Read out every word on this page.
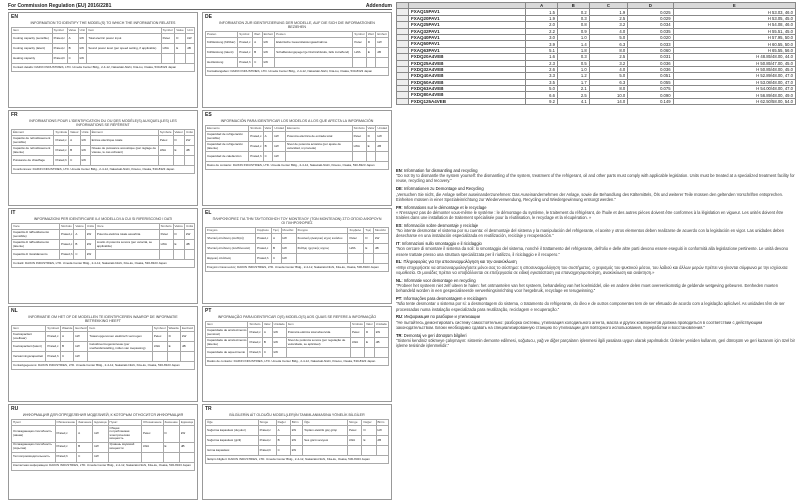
For Commission Regulation (EU) 2016/2281	Addendum
EN
INFORMATION TO IDENTIFY THE MODEL(S) TO WHICH THE INFORMATION RELATES
Item	Symbol	Value	Unit	Item	Symbol	Value	Unit
Cooling capacity (sensible)	Prated,c	A	kW	Total electric power input	Pelec	D	kW
Cooling capacity (latent)	Prated,c	B	kW	Sound power level (per speed setting, if applicable)	LWA	E	dB
Heating capacity	Prated,h	C	kW				
Contact details: DAIKIN INDUSTRIES, LTD. Umeda Center Bldg., 2-4-12, Nakazaki-Nishi, Kita-ku, Osaka, 530-8323 Japan							
DE
INFORMATION ZUR IDENTIFIZIERUNG DER MODELLE, AUF DIE SICH DIE INFORMATIONEN BEZIEHEN
Posten	Symbol	Wert	Einheit	Posten	Symbol	Wert	Einheit
Kühlleistung (fühlbar)	Prated,c	A	kW	Elektrische Gesamtleistungsaufnahme	Pelec	D	kW
Kühlleistung (latent)	Prated,c	B	kW	Schallleistungspegel (je Drehzahlstufe, falls zutreffend)	LWA	E	dB
Heizleistung	Prated,h	C	kW				
Kontaktangaben: DAIKIN INDUSTRIES, LTD. Umeda Center Bldg., 2-4-12, Nakazaki-Nishi, Kita-ku, Osaka, 530-8323 Japan							
FR
INFORMATIONS POUR L'IDENTIFICATION DU OU DES MODÈLE(S) AUXQUEL(LES) LES INFORMATIONS SE RÉFÈRENT
Élément	Symbole	Valeur	Unité	Élément	Symbole	Valeur	Unité
Capacité de refroidissement (sensible)	Prated,c	A	kW	Entrée électrique totale	Pelec	D	kW
Capacité de refroidissement (latente)	Prated,c	B	kW	Niveau de puissance acoustique (par réglage de vitesse, le cas échéant)	LWA	E	dB
Puissance de chauffage	Prated,h	C	kW				
Coordonnées: DAIKIN INDUSTRIES, LTD. Umeda Center Bldg., 2-4-12, Nakazaki-Nishi, Kita-ku, Osaka, 530-8323 Japan							
ES
INFORMACIÓN PARA IDENTIFICAR LOS MODELOS A LOS QUE AFECTA LA INFORMACIÓN
Elemento	Símbolo	Valor	Unidad	Elemento	Símbolo	Valor	Unidad
Capacidad de refrigeración (sensible)	Prated,c	A	kW	Potencia eléctrica de entrada total	Pelec	D	kW
Capacidad de refrigeración (latente)	Prated,c	B	kW	Nivel de potencia acústica (por ajuste de velocidad, si procede)	LWA	E	dB
Capacidad de calefacción	Prated,h	C	kW				
Datos de contacto: DAIKIN INDUSTRIES, LTD. Umeda Center Bldg., 2-4-12, Nakazaki-Nishi, Kita-ku, Osaka, 530-8323 Japan							
IT
INFORMAZIONI PER IDENTIFICARE IL/I MODELLO/I A CUI SI RIFERISCONO I DATI
Voce	Simbolo	Valore	Unità	Voce	Simbolo	Valore	Unità
Capacità di raffreddamento (sensibile)	Prated,c	A	kW	Potenza elettrica totale assorbita	Pelec	D	kW
Capacità di raffreddamento (latente)	Prated,c	B	kW	Livello di potenza sonora (per velocità, se applicabile)	LWA	E	dB
Capacità di riscaldamento	Prated,h	C	kW				
Contatti: DAIKIN INDUSTRIES, LTD. Umeda Center Bldg., 2-4-12, Nakazaki-Nishi, Kita-ku, Osaka, 530-8323 Japan							
EL
ΠΛΗΡΟΦΟΡΙΕΣ ΓΙΑ ΤΗΝ ΤΑΥΤΟΠΟΙΗΣΗ ΤΟΥ ΜΟΝΤΕΛΟΥ (ΤΩΝ ΜΟΝΤΕΛΩΝ) ΣΤΟ ΟΠΟΙΟ ΑΦΟΡΟΥΝ ΟΙ ΠΛΗΡΟΦΟΡΙΕΣ
Στοιχείο	Σύμβολο	Τιμή	Μονάδα	Στοιχείο	Σύμβολο	Τιμή	Μονάδα
Ψυκτική απόδοση (αισθητή)	Prated,c	A	kW	Συνολική ηλεκτρική ισχύς εισόδου	Pelec	D	kW
Ψυκτική απόδοση (λανθάνουσα)	Prated,c	B	kW	Στάθμη ηχητικής ισχύος	LWA	E	dB
Θερμική απόδοση	Prated,h	C	kW				
Στοιχεία επικοινωνίας: DAIKIN INDUSTRIES, LTD. Umeda Center Bldg., 2-4-12, Nakazaki-Nishi, Kita-ku, Osaka, 530-8323 Japan							
NL
INFORMATIE OM HET OF DE MODELLEN TE IDENTIFICEREN WAAROP DE INFORMATIE BETREKKING HEEFT
Item	Symbool	Waarde	Eenheid	Item	Symbool	Waarde	Eenheid
Koelcapaciteit (voelbaar)	Prated,c	A	kW	Totaal opgenomen elektrisch vermogen	Pelec	D	kW
Koelcapaciteit (latent)	Prated,c	B	kW	Geluidsvermogensniveau (per snelheidsinstelling, indien van toepassing)	LWA	E	dB
Verwarmingscapaciteit	Prated,h	C	kW				
Contactgegevens: DAIKIN INDUSTRIES, LTD. Umeda Center Bldg., 2-4-12, Nakazaki-Nishi, Kita-ku, Osaka, 530-8323 Japan							
PT
INFORMAÇÃO PARA IDENTIFICAR O(S) MODELO(S) AOS QUAIS SE REFERE A INFORMAÇÃO
Item	Símbolo	Valor	Unidade	Item	Símbolo	Valor	Unidade
Capacidade de arrefecimento (sensível)	Prated,c	A	kW	Potência elétrica total absorvida	Pelec	D	kW
Capacidade de arrefecimento (latente)	Prated,c	B	kW	Nível de potência sonora (por regulação de velocidade, se aplicável)	LWA	E	dB
Capacidade de aquecimento	Prated,h	C	kW				
Dados de contacto: DAIKIN INDUSTRIES, LTD. Umeda Center Bldg., 2-4-12, Nakazaki-Nishi, Kita-ku, Osaka, 530-8323 Japan							
RU
ИНФОРМАЦИЯ ДЛЯ ОПРЕДЕЛЕНИЯ МОДЕЛИ/ЕЙ, К КОТОРЫМ ОТНОСИТСЯ ИНФОРМАЦИЯ
Пункт	Обозначение	Значение	Единица	Пункт	Обозначение	Значение	Единица
Охлаждающая способность (явная)	Prated,c	A	kW	Общая потребляемая электрическая мощность	Pelec	D	kW
Охлаждающая способность (скрытая)	Prated,c	B	kW	Уровень звуковой мощности	LWA	E	dB
Теплопроизводительность	Prated,h	C	kW				
Контактная информация: DAIKIN INDUSTRIES, LTD. Umeda Center Bldg., 2-4-12, Nakazaki-Nishi, Kita-ku, Osaka, 530-8323 Japan							
TR
BİLGİLERİN AİT OLDUĞU MODEL(LER)İN TANIMLANMASINA YÖNELİK BİLGİLER
Öğe	Simge	Değer	Birim	Öğe	Simge	Değer	Birim
Soğutma kapasitesi (duyulur)	Prated,c	A	kW	Toplam elektrik güç girişi	Pelec	D	kW
Soğutma kapasitesi (gizli)	Prated,c	B	kW	Ses gücü seviyesi	LWA	E	dB
Isıtma kapasitesi	Prated,h	C	kW				
İletişim bilgileri: DAIKIN INDUSTRIES, LTD. Umeda Center Bldg., 2-4-12, Nakazaki-Nishi, Kita-ku, Osaka, 530-8323 Japan							
		A	B	C	D	E
	FXAQ15PAV1	1.5	0.2	1.9	0.025	H 53.03, 46.0
	FXAQ20PAV1	1.9	0.3	2.5	0.029	H 53.05, 45.0
	FXAQ25PAV1	2.0	0.8	3.2	0.034	H 54.08, 46.0
	FXAQ32PAV1	2.2	0.9	4.0	0.035	H 55.51, 45.0
	FXAQ40PAV1	3.0	1.0	5.0	0.020	H 57.95, 50.0
	FXAQ50PAV1	3.9	1.4	6.3	0.033	H 60.55, 50.0
	FXAQ63PAV1	5.1	1.8	8.0	0.060	H 65.55, 56.0
	FXDQ20A4VEB	1.6	0.3	2.5	0.031	H 48.85/48.00, 44.0
	FXDQ25A4VEB	2.3	0.5	3.2	0.036	H 50.85/47.00, 45.0
	FXDQ32A4VEB	2.6	1.0	4.0	0.036	H 50.85/48.00, 45.0
	FXDQ40A4VEB	3.3	1.2	5.0	0.051	H 52.89/48.00, 47.0
	FXDQ50A4VEB	3.5	1.7	6.3	0.055	H 53.08/48.00, 47.0
	FXDQ63A4VEB	5.0	2.1	8.0	0.075	H 54.00/48.00, 47.0
	FXDQ80A4VEB	6.6	2.5	10.0	0.090	H 56.89/48.00, 49.0
	FXDQ125A4VEB	9.2	4.1	14.0	0.149	H 62.50/58.00, 54.0
EN: Information for dismantling and recycling
"Do not try to dismantle the system yourself: the dismantling of the system, treatment of the refrigerant, oil and other parts must comply with applicable legislation. Units must be treated at a specialized treatment facility for reuse, recycling and recovery."
DE: Informationen zu Demontage und Recycling
„Versuchen Sie nicht, die Anlage selber auseinanderzunehmen: Das Auseinandernehmen der Anlage, sowie die Behandlung des Kältemittels, Öls und weiterer Teile müssen den geltenden Vorschriften entsprechen. Einheiten müssen in einer Spezialeinrichtung zur Wiederverwendung, Recycling und Wiedergewinnung entsorgt werden."
FR: Informations sur le démontage et le recyclage
« N'essayez pas de démonter vous-même le système : le démontage du système, le traitement du réfrigérant, de l'huile et des autres pièces doivent être conformes à la législation en vigueur. Les unités doivent être traitées dans une installation de traitement spécialisée pour la réutilisation, le recyclage et la récupération. »
ES: Información sobre desmontaje y reciclaje
"No intente desmontar el sistema por su cuenta: el desmontaje del sistema y la manipulación del refrigerante, el aceite y otros elementos deben realizarse de acuerdo con la legislación en vigor. Las unidades deben desecharse en una instalación especializada en reutilización, reciclaje y recuperación."
IT: Informazioni sullo smontaggio e il riciclaggio
"Non cercare di smontare il sistema da soli: lo smontaggio del sistema, nonché il trattamento del refrigerante, dell'olio e delle altre parti devono essere eseguiti in conformità alla legislazione pertinente. Le unità devono essere trattate presso una struttura specializzata per il riutilizzo, il riciclaggio e il recupero."
EL: Πληροφορίες για την αποσυναρμολόγηση και την ανακύκλωση
«Μην επιχειρήσετε να αποσυναρμολογήσετε μόνοι σας το σύστημα: η αποσυναρμολόγηση του συστήματος, ο χειρισμός του ψυκτικού μέσου, του λαδιού και άλλων μερών πρέπει να γίνονται σύμφωνα με την ισχύουσα νομοθεσία. Οι μονάδες πρέπει να υποβάλλονται σε επεξεργασία σε ειδική εγκατάσταση για επαναχρησιμοποίηση, ανακύκλωση και ανάκτηση.»
NL: Informatie voor demontage en recycling
"Probeer het systeem niet zelf uiteen te halen: het ontmantelen van het systeem, behandeling van het koelmiddel, olie en andere delen moet overeenkomstig de geldende wetgeving gebeuren. Eenheden moeten behandeld worden in een gespecialiseerde verwerkingsinrichting voor hergebruik, recyclage en terugwinning."
PT: Informações para desmontagem e reciclagem
"Não tente desmontar o sistema por si: a desmontagem do sistema, o tratamento do refrigerante, do óleo e de outros componentes tem de ser efetuado de acordo com a legislação aplicável. As unidades têm de ser processadas numa instalação especializada para reutilização, reciclagem e recuperação."
RU: Информация по разборке и утилизации
"Не пытайтесь демонтировать систему самостоятельно: разборка системы, утилизация холодильного агента, масла и других компонентов должна проводиться в соответствии с действующим законодательством. Блоки необходимо сдавать на специализированную станцию по утилизации для повторного использования, переработки и восстановления."
TR: Demontaj ve geri dönüşüm bilgileri
"Sistemi kendiniz sökmeye çalışmayın: sistemin demonte edilmesi, soğutucu, yağ ve diğer parçaların işlenmesi ilgili yasalara uygun olarak yapılmalıdır. Üniteler yeniden kullanım, geri dönüşüm ve geri kazanım için özel bir işleme tesisinde işlenmelidir."
